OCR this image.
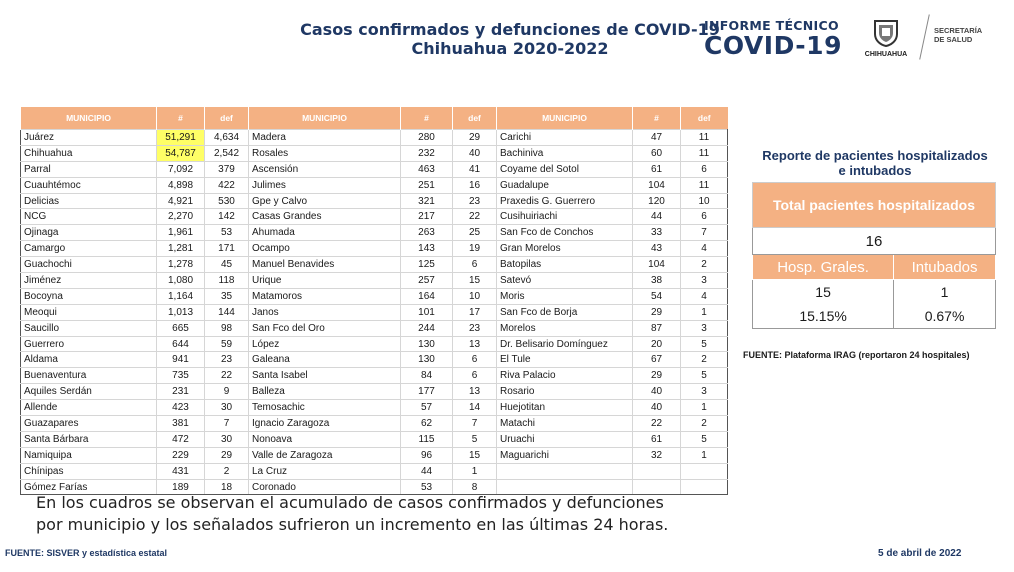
Casos confirmados y defunciones de COVID-19
Chihuahua 2020-2022
INFORME TÉCNICO
COVID-19	CHIHUAHUA
SECRETARÍA
DE SALUD
MUNICIPIO	#	def	MUNICIPIO	#	def	MUNICIPIO	#	def
Juárez	51,291	4,634	Madera	280	29	Carichi	47	11
Chihuahua	54,787	2,542	Rosales	232	40	Bachiniva	60	11
Parral	7,092	379	Ascensión	463	41	Coyame del Sotol	61	6
Cuauhtémoc	4,898	422	Julimes	251	16	Guadalupe	104	11
Delicias	4,921	530	Gpe y Calvo	321	23	Praxedis G. Guerrero	120	10
NCG	2,270	142	Casas Grandes	217	22	Cusihuiriachi	44	6
Ojinaga	1,961	53	Ahumada	263	25	San Fco de Conchos	33	7
Camargo	1,281	171	Ocampo	143	19	Gran Morelos	43	4
Guachochi	1,278	45	Manuel Benavides	125	6	Batopilas	104	2
Jiménez	1,080	118	Urique	257	15	Satevó	38	3
Bocoyna	1,164	35	Matamoros	164	10	Moris	54	4
Meoqui	1,013	144	Janos	101	17	San Fco de Borja	29	1
Saucillo	665	98	San Fco del Oro	244	23	Morelos	87	3
Guerrero	644	59	López	130	13	Dr. Belisario Domínguez	20	5
Aldama	941	23	Galeana	130	6	El Tule	67	2
Buenaventura	735	22	Santa Isabel	84	6	Riva Palacio	29	5
Aquiles Serdán	231	9	Balleza	177	13	Rosario	40	3
Allende	423	30	Temosachic	57	14	Huejotitan	40	1
Guazapares	381	7	Ignacio Zaragoza	62	7	Matachi	22	2
Santa Bárbara	472	30	Nonoava	115	5	Uruachi	61	5
Namiquipa	229	29	Valle de Zaragoza	96	15	Maguarichi	32	1
Chínipas	431	2	La Cruz	44	1			
Gómez Farías	189	18	Coronado	53	8			
Reporte de pacientes hospitalizados
e intubados
Total pacientes hospitalizados	
16	
Hosp. Grales.	Intubados
15	1
15.15%	0.67%
FUENTE: Plataforma IRAG (reportaron 24 hospitales)
En los cuadros se observan el acumulado de casos confirmados y defunciones
por municipio y los señalados sufrieron un incremento en las últimas 24 horas.
FUENTE: SISVER y estadística estatal	5 de abril de 2022
